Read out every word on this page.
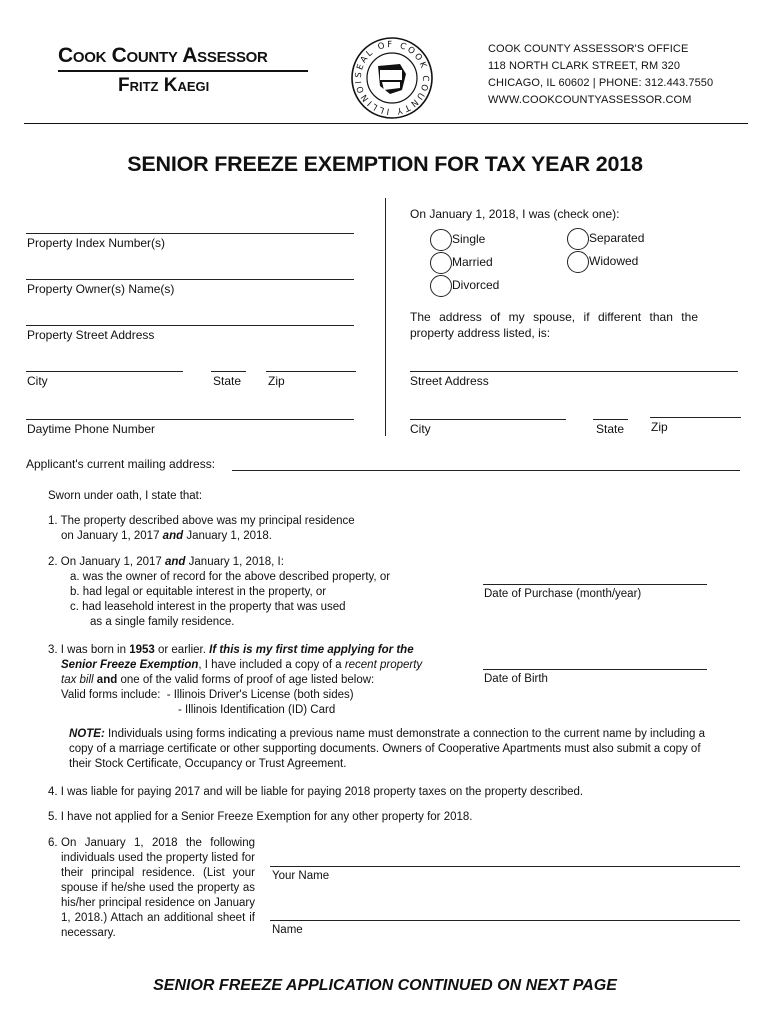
Cook County Assessor
Fritz Kaegi
SEAL OF COOK COUNTY ILLINOI
COOK COUNTY ASSESSOR'S OFFICE
118 NORTH CLARK STREET, RM 320
CHICAGO, IL 60602 | PHONE: 312.443.7550
WWW.COOKCOUNTYASSESSOR.COM
SENIOR FREEZE EXEMPTION FOR TAX YEAR 2018
Property Index Number(s)
Property Owner(s) Name(s)
Property Street Address
City	State Zip
Daytime Phone Number
On January 1, 2018, I was (check one):
Single	Separated
Married	Widowed
Divorced
The address of my spouse, if different than the property address listed, is:
Street Address
City	State Zip
Applicant's current mailing address:
Sworn under oath, I state that:
1. The property described above was my principal residence
on January 1, 2017 and January 1, 2018.
2. On January 1, 2017 and January 1, 2018, I:
a. was the owner of record for the above described property, or
b. had legal or equitable interest in the property, or
c. had leasehold interest in the property that was used
as a single family residence.
Date of Purchase (month/year)
3. I was born in 1953 or earlier. If this is my first time applying for the
Senior Freeze Exemption, I have included a copy of a recent property
tax bill and one of the valid forms of proof of age listed below:
Valid forms include: - Illinois Driver's License (both sides)
- Illinois Identification (ID) Card
Date of Birth
NOTE: Individuals using forms indicating a previous name must demonstrate a connection to the current name by including a copy of a marriage certificate or other supporting documents. Owners of Cooperative Apartments must also submit a copy of their Stock Certificate, Occupancy or Trust Agreement.
4. I was liable for paying 2017 and will be liable for paying 2018 property taxes on the property described.
5. I have not applied for a Senior Freeze Exemption for any other property for 2018.
6. On January 1, 2018 the following individuals used the property listed for their principal residence. (List your spouse if he/she used the property as his/her principal residence on January 1, 2018.) Attach an additional sheet if necessary.
Your Name
Name
SENIOR FREEZE APPLICATION CONTINUED ON NEXT PAGE
